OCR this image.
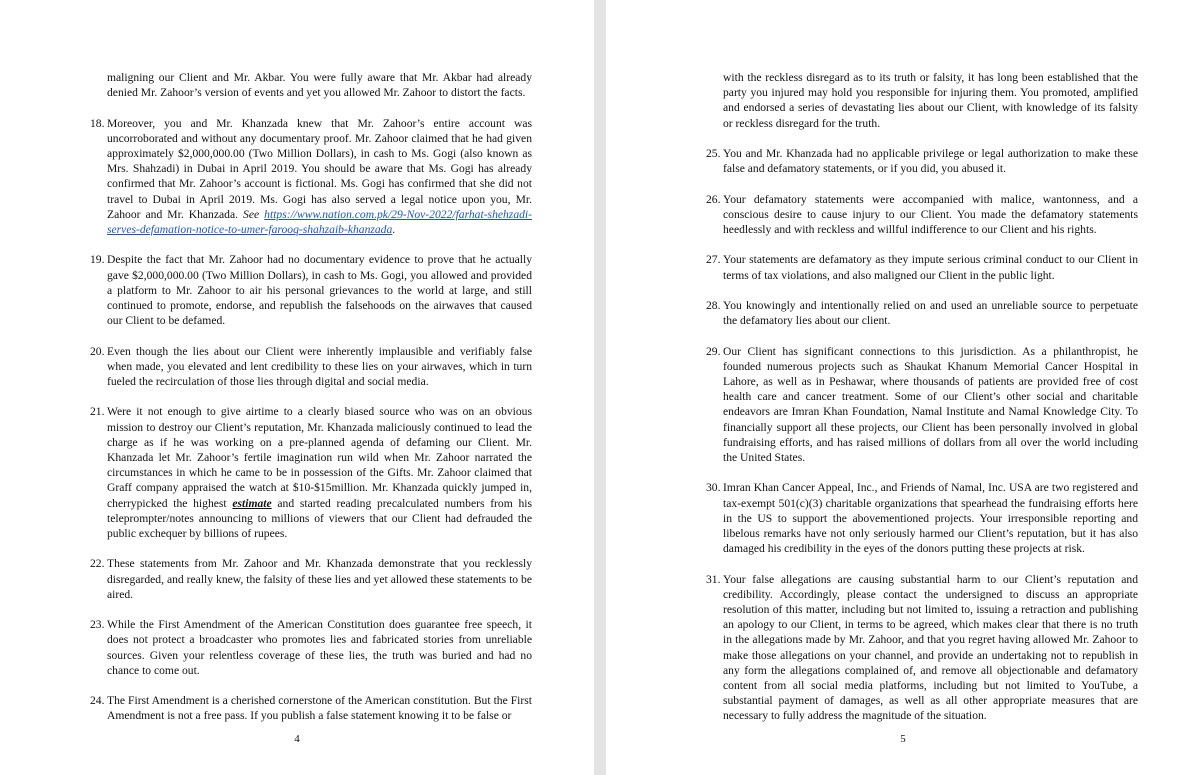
maligning our Client and Mr. Akbar. You were fully aware that Mr. Akbar had already denied Mr. Zahoor’s version of events and yet you allowed Mr. Zahoor to distort the facts.
18. Moreover, you and Mr. Khanzada knew that Mr. Zahoor’s entire account was uncorroborated and without any documentary proof. Mr. Zahoor claimed that he had given approximately $2,000,000.00 (Two Million Dollars), in cash to Ms. Gogi (also known as Mrs. Shahzadi) in Dubai in April 2019. You should be aware that Ms. Gogi has already confirmed that Mr. Zahoor’s account is fictional. Ms. Gogi has confirmed that she did not travel to Dubai in April 2019. Ms. Gogi has also served a legal notice upon you, Mr. Zahoor and Mr. Khanzada. See https://www.nation.com.pk/29-Nov-2022/farhat-shehzadi-serves-defamation-notice-to-umer-farooq-shahzaib-khanzada.
19. Despite the fact that Mr. Zahoor had no documentary evidence to prove that he actually gave $2,000,000.00 (Two Million Dollars), in cash to Ms. Gogi, you allowed and provided a platform to Mr. Zahoor to air his personal grievances to the world at large, and still continued to promote, endorse, and republish the falsehoods on the airwaves that caused our Client to be defamed.
20. Even though the lies about our Client were inherently implausible and verifiably false when made, you elevated and lent credibility to these lies on your airwaves, which in turn fueled the recirculation of those lies through digital and social media.
21. Were it not enough to give airtime to a clearly biased source who was on an obvious mission to destroy our Client’s reputation, Mr. Khanzada maliciously continued to lead the charge as if he was working on a pre-planned agenda of defaming our Client. Mr. Khanzada let Mr. Zahoor’s fertile imagination run wild when Mr. Zahoor narrated the circumstances in which he came to be in possession of the Gifts. Mr. Zahoor claimed that Graff company appraised the watch at $10-$15million. Mr. Khanzada quickly jumped in, cherrypicked the highest estimate and started reading precalculated numbers from his teleprompter/notes announcing to millions of viewers that our Client had defrauded the public exchequer by billions of rupees.
22. These statements from Mr. Zahoor and Mr. Khanzada demonstrate that you recklessly disregarded, and really knew, the falsity of these lies and yet allowed these statements to be aired.
23. While the First Amendment of the American Constitution does guarantee free speech, it does not protect a broadcaster who promotes lies and fabricated stories from unreliable sources. Given your relentless coverage of these lies, the truth was buried and had no chance to come out.
24. The First Amendment is a cherished cornerstone of the American constitution. But the First Amendment is not a free pass. If you publish a false statement knowing it to be false or
4
with the reckless disregard as to its truth or falsity, it has long been established that the party you injured may hold you responsible for injuring them. You promoted, amplified and endorsed a series of devastating lies about our Client, with knowledge of its falsity or reckless disregard for the truth.
25. You and Mr. Khanzada had no applicable privilege or legal authorization to make these false and defamatory statements, or if you did, you abused it.
26. Your defamatory statements were accompanied with malice, wantonness, and a conscious desire to cause injury to our Client. You made the defamatory statements heedlessly and with reckless and willful indifference to our Client and his rights.
27. Your statements are defamatory as they impute serious criminal conduct to our Client in terms of tax violations, and also maligned our Client in the public light.
28. You knowingly and intentionally relied on and used an unreliable source to perpetuate the defamatory lies about our client.
29. Our Client has significant connections to this jurisdiction. As a philanthropist, he founded numerous projects such as Shaukat Khanum Memorial Cancer Hospital in Lahore, as well as in Peshawar, where thousands of patients are provided free of cost health care and cancer treatment. Some of our Client’s other social and charitable endeavors are Imran Khan Foundation, Namal Institute and Namal Knowledge City. To financially support all these projects, our Client has been personally involved in global fundraising efforts, and has raised millions of dollars from all over the world including the United States.
30. Imran Khan Cancer Appeal, Inc., and Friends of Namal, Inc. USA are two registered and tax-exempt 501(c)(3) charitable organizations that spearhead the fundraising efforts here in the US to support the abovementioned projects. Your irresponsible reporting and libelous remarks have not only seriously harmed our Client’s reputation, but it has also damaged his credibility in the eyes of the donors putting these projects at risk.
31. Your false allegations are causing substantial harm to our Client’s reputation and credibility. Accordingly, please contact the undersigned to discuss an appropriate resolution of this matter, including but not limited to, issuing a retraction and publishing an apology to our Client, in terms to be agreed, which makes clear that there is no truth in the allegations made by Mr. Zahoor, and that you regret having allowed Mr. Zahoor to make those allegations on your channel, and provide an undertaking not to republish in any form the allegations complained of, and remove all objectionable and defamatory content from all social media platforms, including but not limited to YouTube, a substantial payment of damages, as well as all other appropriate measures that are necessary to fully address the magnitude of the situation.
5
